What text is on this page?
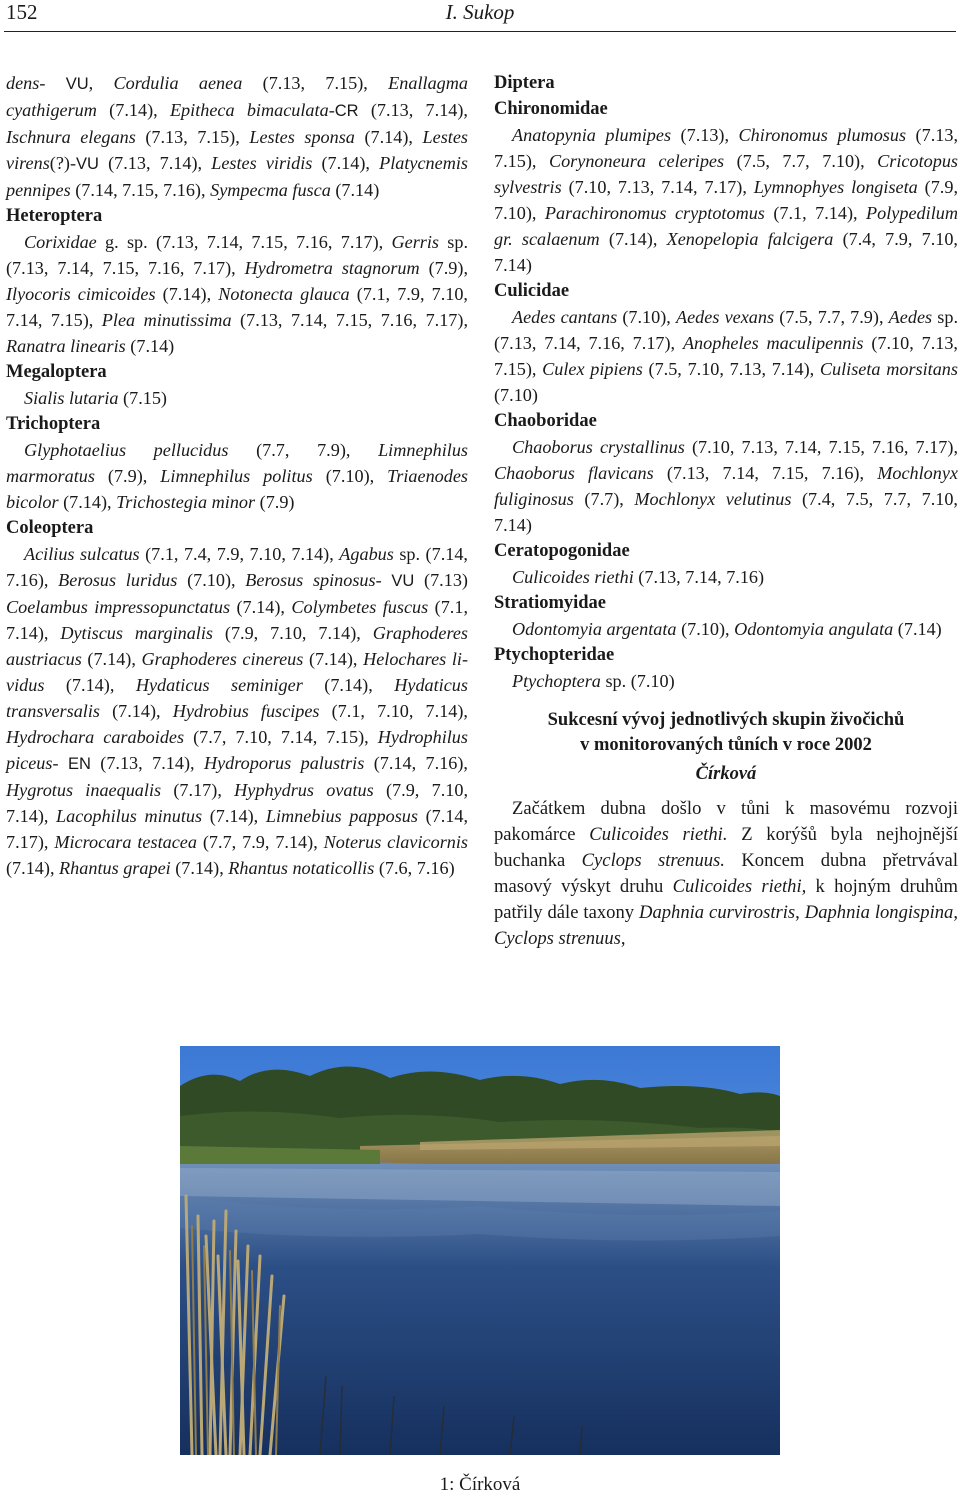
152	I. Sukop

dens- VU, Cordulia aenea (7.13, 7.15), Enallagma cyathigerum (7.14), Epitheca bimaculata-CR (7.13, 7.14), Ischnura elegans (7.13, 7.15), Lestes sponsa (7.14), Lestes virens(?)-VU (7.13, 7.14), Lestes viridis (7.14), Platycnemis pennipes (7.14, 7.15, 7.16), Sympecma fusca (7.14)

Heteroptera

Corixidae g. sp. (7.13, 7.14, 7.15, 7.16, 7.17), Gerris sp. (7.13, 7.14, 7.15, 7.16, 7.17), Hydrometra stagnorum (7.9), Ilyocoris cimicoides (7.14), Notonecta glauca (7.1, 7.9, 7.10, 7.14, 7.15), Plea minutissima (7.13, 7.14, 7.15, 7.16, 7.17), Ranatra linearis (7.14)

Megaloptera

Sialis lutaria (7.15)

Trichoptera

Glyphotaelius pellucidus (7.7, 7.9), Limnephilus marmoratus (7.9), Limnephilus politus (7.10), Triaenodes bicolor (7.14), Trichostegia minor (7.9)

Coleoptera

Acilius sulcatus (7.1, 7.4, 7.9, 7.10, 7.14), Agabus sp. (7.14, 7.16), Berosus luridus (7.10), Berosus spinosus- VU (7.13) Coelambus impressopunctatus (7.14), Colymbetes fuscus (7.1, 7.14), Dytiscus marginalis (7.9, 7.10, 7.14), Graphoderes austriacus (7.14), Graphoderes cinereus (7.14), Helochares lividus (7.14), Hydaticus seminiger (7.14), Hydaticus transversalis (7.14), Hydrobius fuscipes (7.1, 7.10, 7.14), Hydrochara caraboides (7.7, 7.10, 7.14, 7.15), Hydrophilus piceus- EN (7.13, 7.14), Hydroporus palustris (7.14, 7.16), Hygrotus inaequalis (7.17), Hyphydrus ovatus (7.9, 7.10, 7.14), Lacophilus minutus (7.14), Limnebius papposus (7.14, 7.17), Microcara testacea (7.7, 7.9, 7.14), Noterus clavicornis (7.14), Rhantus grapei (7.14), Rhantus notaticollis (7.6, 7.16)

Diptera
Chironomidae

Anatopynia plumipes (7.13), Chironomus plumosus (7.13, 7.15), Corynoneura celeripes (7.5, 7.7, 7.10), Cricotopus sylvestris (7.10, 7.13, 7.14, 7.17), Lymnophyes longiseta (7.9, 7.10), Parachironomus cryptotomus (7.1, 7.14), Polypedilum gr. scalaenum (7.14), Xenopelopia falcigera (7.4, 7.9, 7.10, 7.14)

Culicidae

Aedes cantans (7.10), Aedes vexans (7.5, 7.7, 7.9), Aedes sp. (7.13, 7.14, 7.16, 7.17), Anopheles maculipennis (7.10, 7.13, 7.15), Culex pipiens (7.5, 7.10, 7.13, 7.14), Culiseta morsitans (7.10)

Chaoboridae

Chaoborus crystallinus (7.10, 7.13, 7.14, 7.15, 7.16, 7.17), Chaoborus flavicans (7.13, 7.14, 7.15, 7.16), Mochlonyx fuliginosus (7.7), Mochlonyx velutinus (7.4, 7.5, 7.7, 7.10, 7.14)

Ceratopogonidae

Culicoides riethi (7.13, 7.14, 7.16)

Stratiomyidae

Odontomyia argentata (7.10), Odontomyia angulata (7.14)

Ptychopteridae

Ptychoptera sp. (7.10)

Sukcesní vývoj jednotlivých skupin živočichů
v monitorovaných tůních v roce 2002
Čírková

Začátkem dubna došlo v tůni k masovému rozvoji pakomárce Culicoides riethi. Z korýšů byla nejhojnější buchanka Cyclops strenuus. Koncem dubna přetrvával masový výskyt druhu Culicoides riethi, k hojným druhům patřily dále taxony Daphnia curvirostris, Daphnia longispina, Cyclops strenuus,

1: Čírková
